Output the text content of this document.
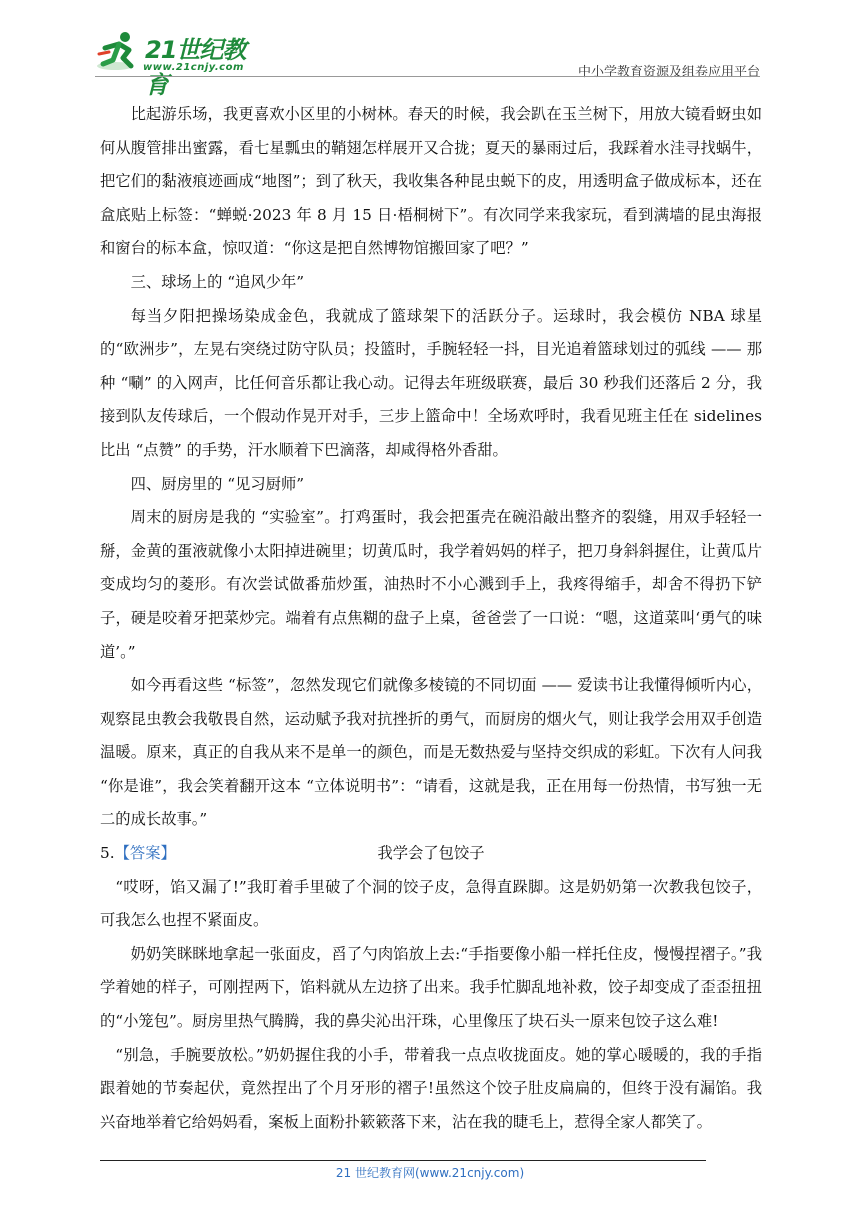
21世纪教育
www.21cnjy.com	中小学教育资源及组卷应用平台

比起游乐场，我更喜欢小区里的小树林。春天的时候，我会趴在玉兰树下，用放大镜看蚜虫如何从腹管排出蜜露，看七星瓢虫的鞘翅怎样展开又合拢；夏天的暴雨过后，我踩着水洼寻找蜗牛，把它们的黏液痕迹画成“地图”；到了秋天，我收集各种昆虫蜕下的皮，用透明盒子做成标本，还在盒底贴上标签：“蝉蜕·2023 年 8 月 15 日·梧桐树下”。有次同学来我家玩，看到满墙的昆虫海报和窗台的标本盒，惊叹道：“你这是把自然博物馆搬回家了吧？”

三、球场上的 “追风少年”

每当夕阳把操场染成金色，我就成了篮球架下的活跃分子。运球时，我会模仿 NBA 球星的“欧洲步”，左晃右突绕过防守队员；投篮时，手腕轻轻一抖，目光追着篮球划过的弧线 —— 那种 “唰” 的入网声，比任何音乐都让我心动。记得去年班级联赛，最后 30 秒我们还落后 2 分，我接到队友传球后，一个假动作晃开对手，三步上篮命中！全场欢呼时，我看见班主任在 sidelines 比出 “点赞” 的手势，汗水顺着下巴滴落，却咸得格外香甜。

四、厨房里的 “见习厨师”

周末的厨房是我的 “实验室”。打鸡蛋时，我会把蛋壳在碗沿敲出整齐的裂缝，用双手轻轻一掰，金黄的蛋液就像小太阳掉进碗里；切黄瓜时，我学着妈妈的样子，把刀身斜斜握住，让黄瓜片变成均匀的菱形。有次尝试做番茄炒蛋，油热时不小心溅到手上，我疼得缩手，却舍不得扔下铲子，硬是咬着牙把菜炒完。端着有点焦糊的盘子上桌，爸爸尝了一口说：“嗯，这道菜叫‘勇气的味道’。”

如今再看这些 “标签”，忽然发现它们就像多棱镜的不同切面 —— 爱读书让我懂得倾听内心，观察昆虫教会我敬畏自然，运动赋予我对抗挫折的勇气，而厨房的烟火气，则让我学会用双手创造温暖。原来，真正的自我从来不是单一的颜色，而是无数热爱与坚持交织成的彩虹。下次有人问我 “你是谁”，我会笑着翻开这本 “立体说明书”：“请看，这就是我，正在用每一份热情，书写独一无二的成长故事。”

我学会了包饺子
5.【答案】

“哎呀，馅又漏了!”我盯着手里破了个洞的饺子皮，急得直跺脚。这是奶奶第一次教我包饺子，可我怎么也捏不紧面皮。

奶奶笑眯眯地拿起一张面皮，舀了勺肉馅放上去:“手指要像小船一样托住皮，慢慢捏褶子。”我学着她的样子，可刚捏两下，馅料就从左边挤了出来。我手忙脚乱地补救，饺子却变成了歪歪扭扭的“小笼包”。厨房里热气腾腾，我的鼻尖沁出汗珠，心里像压了块石头一原来包饺子这么难!

“别急，手腕要放松。”奶奶握住我的小手，带着我一点点收拢面皮。她的掌心暖暖的，我的手指跟着她的节奏起伏，竟然捏出了个月牙形的褶子!虽然这个饺子肚皮扁扁的，但终于没有漏馅。我兴奋地举着它给妈妈看，案板上面粉扑簌簌落下来，沾在我的睫毛上，惹得全家人都笑了。

21 世纪教育网(www.21cnjy.com)
